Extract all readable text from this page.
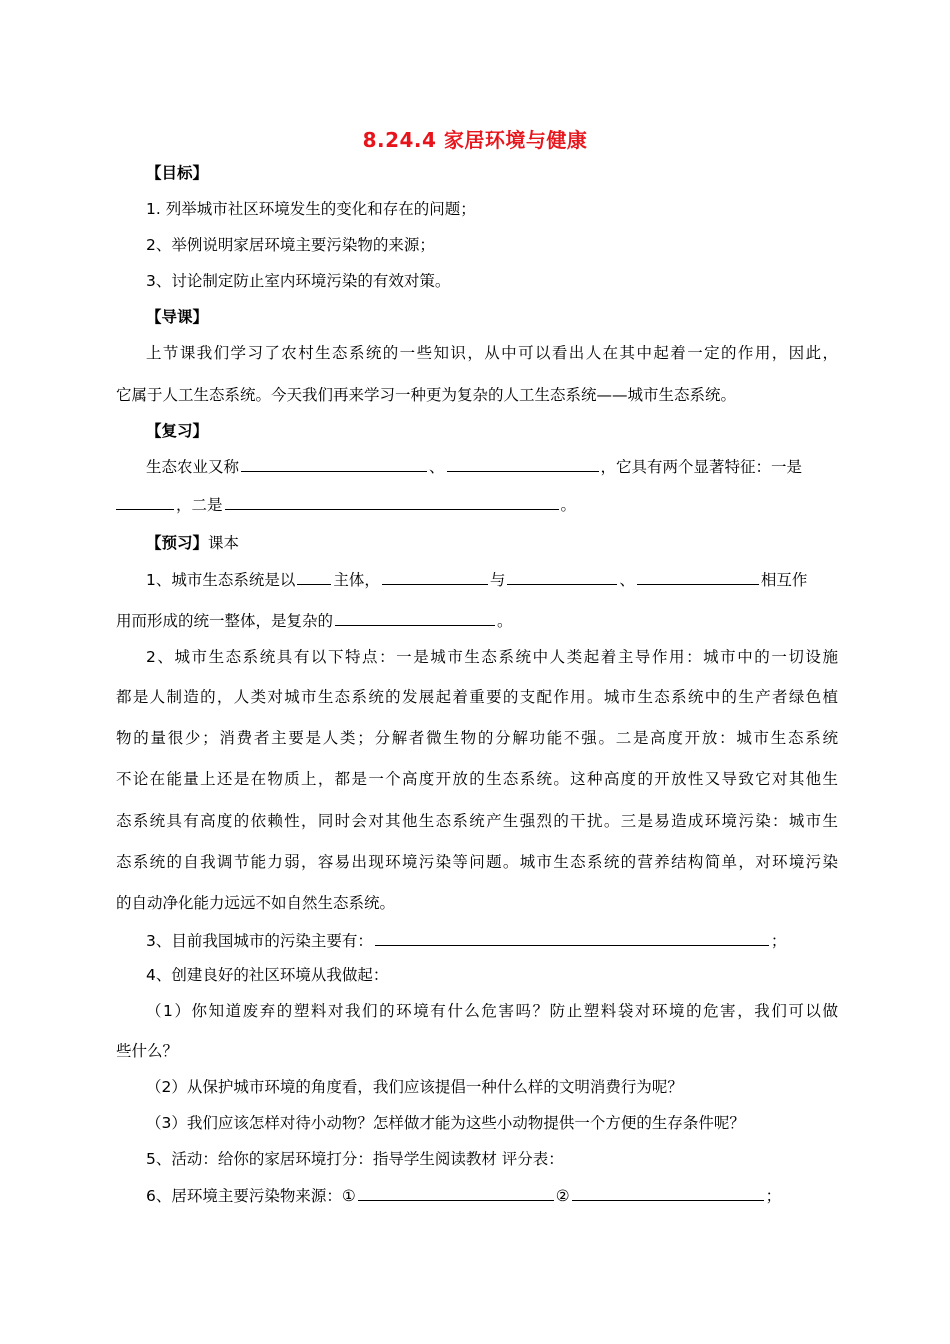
8.24.4 家居环境与健康
【目标】
1. 列举城市社区环境发生的变化和存在的问题；
2、举例说明家居环境主要污染物的来源；
3、讨论制定防止室内环境污染的有效对策。
【导课】
上节课我们学习了农村生态系统的一些知识，从中可以看出人在其中起着一定的作用，因此，
它属于人工生态系统。今天我们再来学习一种更为复杂的人工生态系统——城市生态系统。
【复习】
生态农业又称	、	，它具有两个显著特征：一是
，二是	。
【预习】课本
1、城市生态系统是以 主体，	与	、	相互作
用而形成的统一整体，是复杂的	。
2、城市生态系统具有以下特点：一是城市生态系统中人类起着主导作用：城市中的一切设施
都是人制造的，人类对城市生态系统的发展起着重要的支配作用。城市生态系统中的生产者绿色植
物的量很少；消费者主要是人类；分解者微生物的分解功能不强。二是高度开放：城市生态系统
不论在能量上还是在物质上，都是一个高度开放的生态系统。这种高度的开放性又导致它对其他生
态系统具有高度的依赖性，同时会对其他生态系统产生强烈的干扰。三是易造成环境污染：城市生
态系统的自我调节能力弱，容易出现环境污染等问题。城市生态系统的营养结构简单，对环境污染
的自动净化能力远远不如自然生态系统。
3、目前我国城市的污染主要有：	；
4、创建良好的社区环境从我做起：
（1）你知道废弃的塑料对我们的环境有什么危害吗？防止塑料袋对环境的危害，我们可以做
些什么？
（2）从保护城市环境的角度看，我们应该提倡一种什么样的文明消费行为呢？
（3）我们应该怎样对待小动物？怎样做才能为这些小动物提供一个方便的生存条件呢？
5、活动：给你的家居环境打分：指导学生阅读教材 评分表：
6、居环境主要污染物来源：①	②	；
